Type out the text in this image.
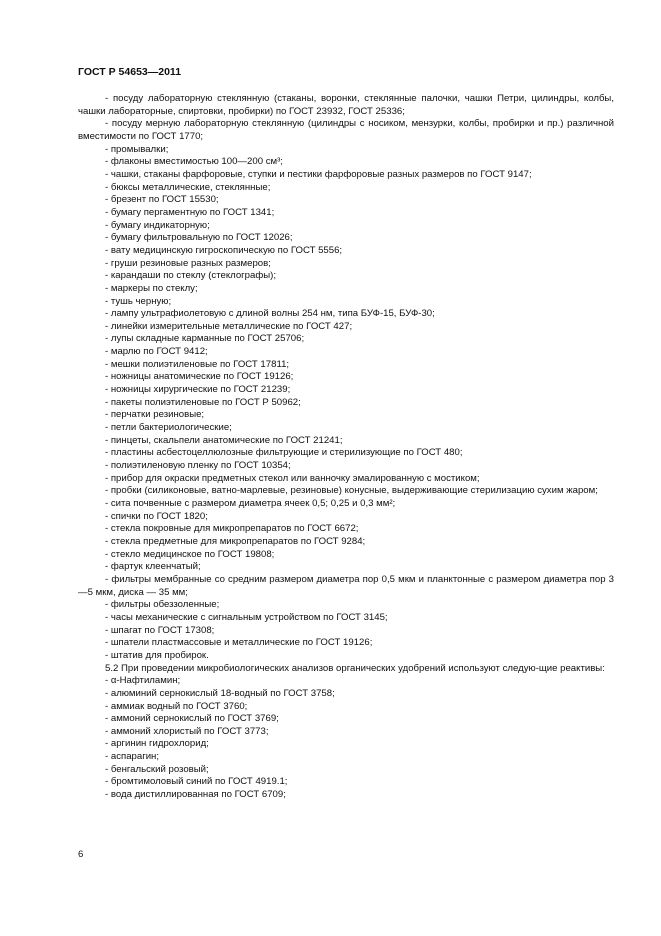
ГОСТ Р 54653—2011

- посуду лабораторную стеклянную (стаканы, воронки, стеклянные палочки, чашки Петри, цилиндры, колбы, чашки лабораторные, спиртовки, пробирки) по ГОСТ 23932, ГОСТ 25336;

- посуду мерную лабораторную стеклянную (цилиндры с носиком, мензурки, колбы, пробирки и пр.) различной вместимости по ГОСТ 1770;

- промывалки;

- флаконы вместимостью 100—200 см³;

- чашки, стаканы фарфоровые, ступки и пестики фарфоровые разных размеров по ГОСТ 9147;

- бюксы металлические, стеклянные;

- брезент по ГОСТ 15530;

- бумагу пергаментную по ГОСТ 1341;

- бумагу индикаторную;

- бумагу фильтровальную по ГОСТ 12026;

- вату медицинскую гигроскопическую по ГОСТ 5556;

- груши резиновые разных размеров;

- карандаши по стеклу (стеклографы);

- маркеры по стеклу;

- тушь черную;

- лампу ультрафиолетовую с длиной волны 254 нм, типа БУФ-15, БУФ-30;

- линейки измерительные металлические по ГОСТ 427;

- лупы складные карманные по ГОСТ 25706;

- марлю по ГОСТ 9412;

- мешки полиэтиленовые по ГОСТ 17811;

- ножницы анатомические по ГОСТ 19126;

- ножницы хирургические по ГОСТ 21239;

- пакеты полиэтиленовые по ГОСТ Р 50962;

- перчатки резиновые;

- петли бактериологические;

- пинцеты, скальпели анатомические по ГОСТ 21241;

- пластины асбестоцеллюлозные фильтрующие и стерилизующие по ГОСТ 480;

- полиэтиленовую пленку по ГОСТ 10354;

- прибор для окраски предметных стекол или ванночку эмалированную с мостиком;

- пробки (силиконовые, ватно-марлевые, резиновые) конусные, выдерживающие стерилизацию сухим жаром;

- сита почвенные с размером диаметра ячеек 0,5; 0,25 и 0,3 мм²;

- спички по ГОСТ 1820;

- стекла покровные для микропрепаратов по ГОСТ 6672;

- стекла предметные для микропрепаратов по ГОСТ 9284;

- стекло медицинское по ГОСТ 19808;

- фартук клеенчатый;

- фильтры мембранные со средним размером диаметра пор 0,5 мкм и планктонные с размером диаметра пор 3—5 мкм, диска — 35 мм;

- фильтры обеззоленные;

- часы механические с сигнальным устройством по ГОСТ 3145;

- шпагат по ГОСТ 17308;

- шпатели пластмассовые и металлические по ГОСТ 19126;

- штатив для пробирок.

5.2 При проведении микробиологических анализов органических удобрений используют следую-щие реактивы:

- α-Нафтиламин;

- алюминий сернокислый 18-водный по ГОСТ 3758;

- аммиак водный по ГОСТ 3760;

- аммоний сернокислый по ГОСТ 3769;

- аммоний хлористый по ГОСТ 3773;

- аргинин гидрохлорид;

- аспарагин;

- бенгальский розовый;

- бромтимоловый синий по ГОСТ 4919.1;

- вода дистиллированная по ГОСТ 6709;

6
